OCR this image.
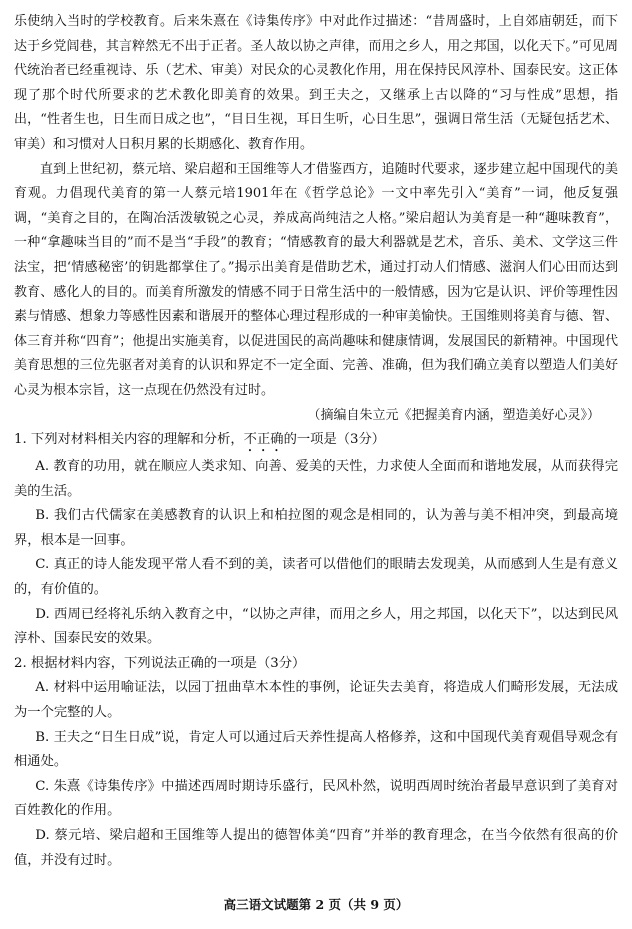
乐使纳入当时的学校教育。后来朱熹在《诗集传序》中对此作过描述：“昔周盛时，上自郊庙朝廷，而下达于乡党闾巷，其言粹然无不出于正者。圣人故以协之声律，而用之乡人，用之邦国，以化天下。”可见周代统治者已经重视诗、乐（艺术、审美）对民众的心灵教化作用，用在保持民风淳朴、国泰民安。这正体现了那个时代所要求的艺术教化即美育的效果。到王夫之，又继承上古以降的“习与性成”思想，指出，“性者生也，日生而日成之也”，“目日生视，耳日生听，心日生思”，强调日常生活（无疑包括艺术、审美）和习惯对人日积月累的长期感化、教育作用。

直到上世纪初，蔡元培、梁启超和王国维等人才借鉴西方，追随时代要求，逐步建立起中国现代的美育观。力倡现代美育的第一人蔡元培1901年在《哲学总论》一文中率先引入“美育”一词，他反复强调，“美育之目的，在陶冶活泼敏锐之心灵，养成高尚纯洁之人格。”梁启超认为美育是一种“趣味教育”，一种“拿趣味当目的”而不是当“手段”的教育；“情感教育的最大利器就是艺术，音乐、美术、文学这三件法宝，把‘情感秘密’的钥匙都掌住了。”揭示出美育是借助艺术，通过打动人们情感、滋润人们心田而达到教育、感化人的目的。而美育所激发的情感不同于日常生活中的一般情感，因为它是认识、评价等理性因素与情感、想象力等感性因素和谐展开的整体心理过程形成的一种审美愉快。王国维则将美育与德、智、体三育并称“四育”；他提出实施美育，以促进国民的高尚趣味和健康情调，发展国民的新精神。中国现代美育思想的三位先驱者对美育的认识和界定不一定全面、完善、准确，但为我们确立美育以塑造人们美好心灵为根本宗旨，这一点现在仍然没有过时。

（摘编自朱立元《把握美育内涵，塑造美好心灵》）

1. 下列对材料相关内容的理解和分析，不正确的一项是（3分）

A. 教育的功用，就在顺应人类求知、向善、爱美的天性，力求使人全面而和谐地发展，从而获得完美的生活。

B. 我们古代儒家在美感教育的认识上和柏拉图的观念是相同的，认为善与美不相冲突，到最高境界，根本是一回事。

C. 真正的诗人能发现平常人看不到的美，读者可以借他们的眼睛去发现美，从而感到人生是有意义的，有价值的。

D. 西周已经将礼乐纳入教育之中，“以协之声律，而用之乡人，用之邦国，以化天下”，以达到民风淳朴、国泰民安的效果。

2. 根据材料内容，下列说法正确的一项是（3分）

A. 材料中运用喻证法，以园丁扭曲草木本性的事例，论证失去美育，将造成人们畸形发展，无法成为一个完整的人。

B. 王夫之“日生日成”说，肯定人可以通过后天养性提高人格修养，这和中国现代美育观倡导观念有相通处。

C. 朱熹《诗集传序》中描述西周时期诗乐盛行，民风朴然，说明西周时统治者最早意识到了美育对百姓教化的作用。

D. 蔡元培、梁启超和王国维等人提出的德智体美“四育”并举的教育理念，在当今依然有很高的价值，并没有过时。

高三语文试题第 2 页（共 9 页）
